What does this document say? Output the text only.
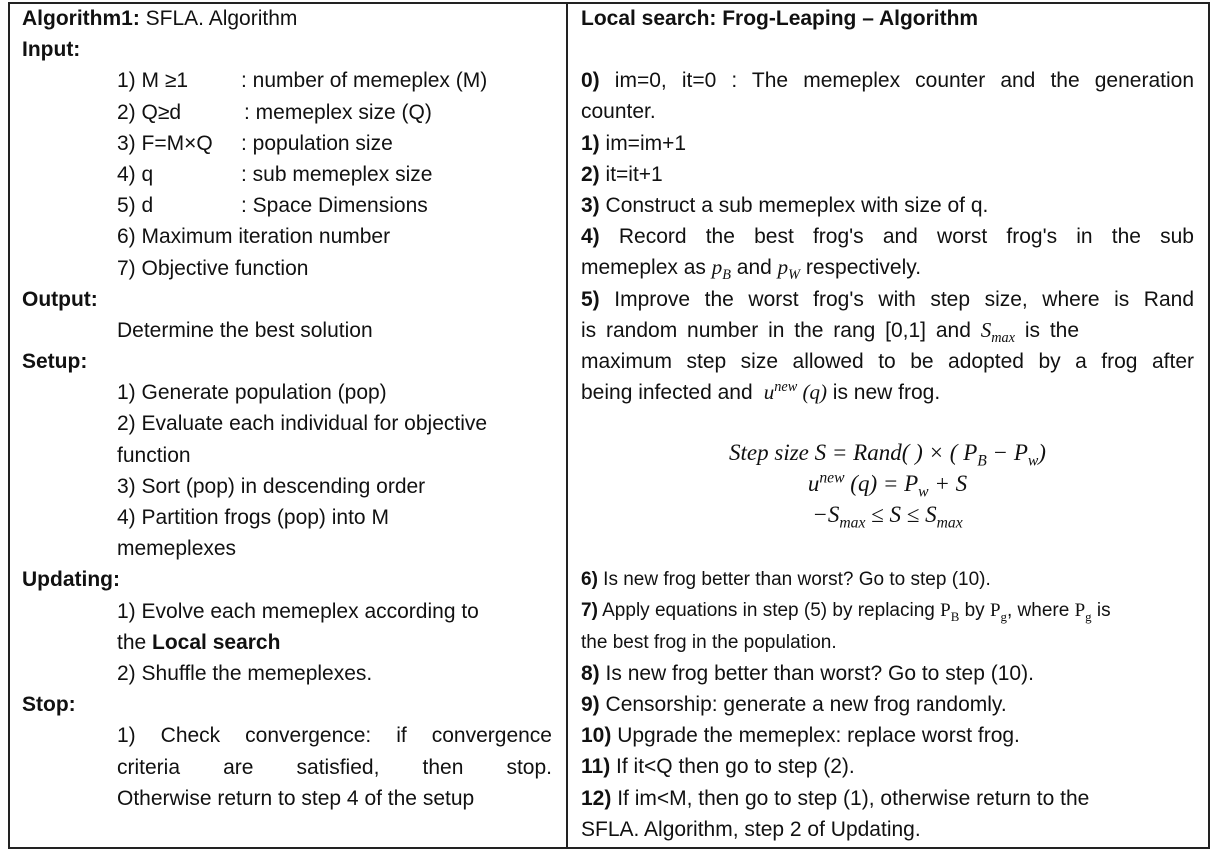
Algorithm1: SFLA. Algorithm
Input:
1) M ≥1	: number of memeplex (M)
2) Q≥d	: memeplex size (Q)
3) F=M×Q : population size
4) q	: sub memeplex size
5) d	: Space Dimensions
6) Maximum iteration number
7) Objective function
Output:
Determine the best solution
Setup:
1) Generate population (pop)
2) Evaluate each individual for objective
function
3) Sort (pop) in descending order
4) Partition frogs (pop) into M
memeplexes
Updating:
1) Evolve each memeplex according to
the Local search
2) Shuffle the memeplexes.
Stop:
1) Check convergence: if convergence
criteria are satisfied, then stop.
Otherwise return to step 4 of the setup
Local search: Frog-Leaping – Algorithm
0) im=0, it=0 : The memeplex counter and the generation
counter.
1) im=im+1
2) it=it+1
3) Construct a sub memeplex with size of q.
4) Record the best frog's and worst frog's in the sub
memeplex as $p_B$ and $p_W$ respectively.
5) Improve the worst frog's with step size, where is Rand
is random number in the rang [0,1] and $S_{max}$ is the
maximum step size allowed to be adopted by a frog after
being infected and  $u^{new}$ (q) is new frog.
Step size S = Rand( ) × ( $P_B - P_w$)
$u^{new}$ $(q) = P_w + S$
$-S_{max} \le S \le S_{max}$
6) Is new frog better than worst? Go to step (10).
7) Apply equations in step (5) by replacing $P_B$ by $P_g$, where $P_g$ is
the best frog in the population.
8) Is new frog better than worst? Go to step (10).
9) Censorship: generate a new frog randomly.
10) Upgrade the memeplex: replace worst frog.
11) If it<Q then go to step (2).
12) If im<M, then go to step (1), otherwise return to the
SFLA. Algorithm, step 2 of Updating.
